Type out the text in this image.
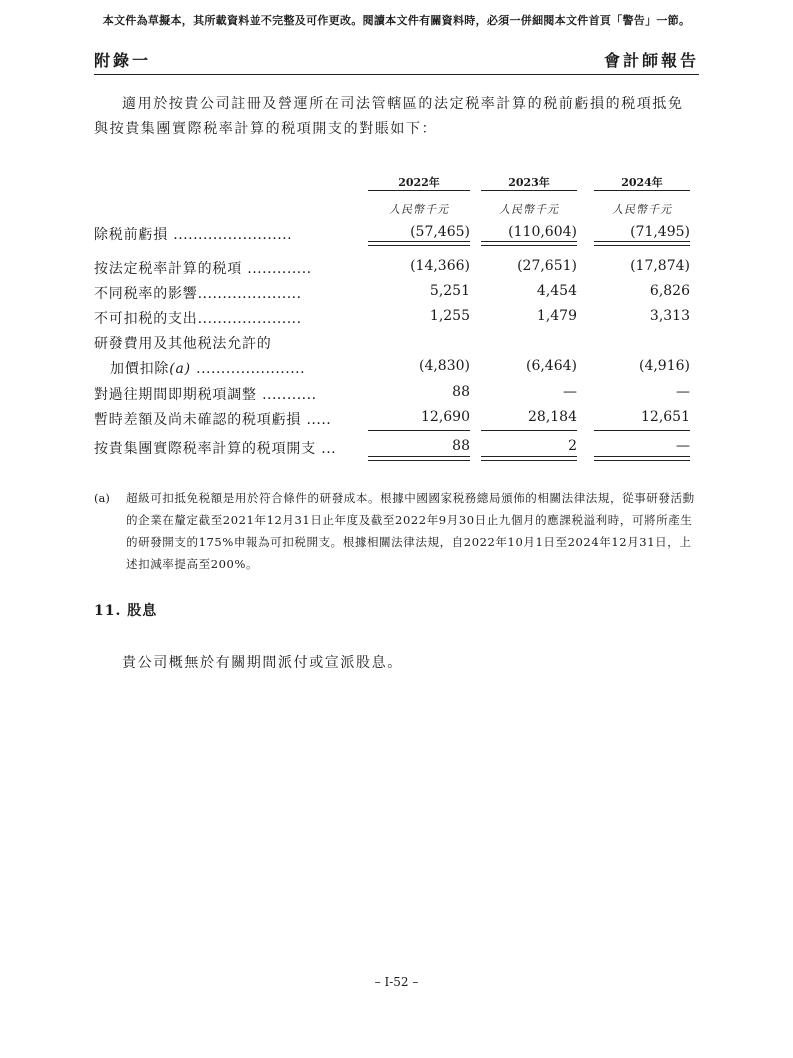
本文件為草擬本，其所載資料並不完整及可作更改。閱讀本文件有關資料時，必須一併細閱本文件首頁「警告」一節。
附錄一	會計師報告

適用於按貴公司註冊及營運所在司法管轄區的法定税率計算的税前虧損的税項抵免與按貴集團實際税率計算的税項開支的對賬如下：

2022年	2023年	2024年
人民幣千元	人民幣千元	人民幣千元
除税前虧損 ........................	(57,465)	(110,604)	(71,495)
按法定税率計算的税項 .............	(14,366)	(27,651)	(17,874)
不同税率的影響.....................	5,251	4,454	6,826
不可扣税的支出.....................	1,255	1,479	3,313
研發費用及其他税法允許的
加價扣除(a) ......................	(4,830)	(6,464)	(4,916)
對過往期間即期税項調整 ...........	88	—	—
暫時差額及尚未確認的税項虧損 .....	12,690	28,184	12,651
按貴集團實際税率計算的税項開支 ...	88	2	—
(a) 超級可扣抵免税額是用於符合條件的研發成本。根據中國國家税務總局頒佈的相關法律法規，從事研發活動的企業在釐定截至2021年12月31日止年度及截至2022年9月30日止九個月的應課税溢利時，可將所產生的研發開支的175%申報為可扣税開支。根據相關法律法規，自2022年10月1日至2024年12月31日，上述扣減率提高至200%。
11. 股息
貴公司概無於有關期間派付或宣派股息。
– I-52 –
